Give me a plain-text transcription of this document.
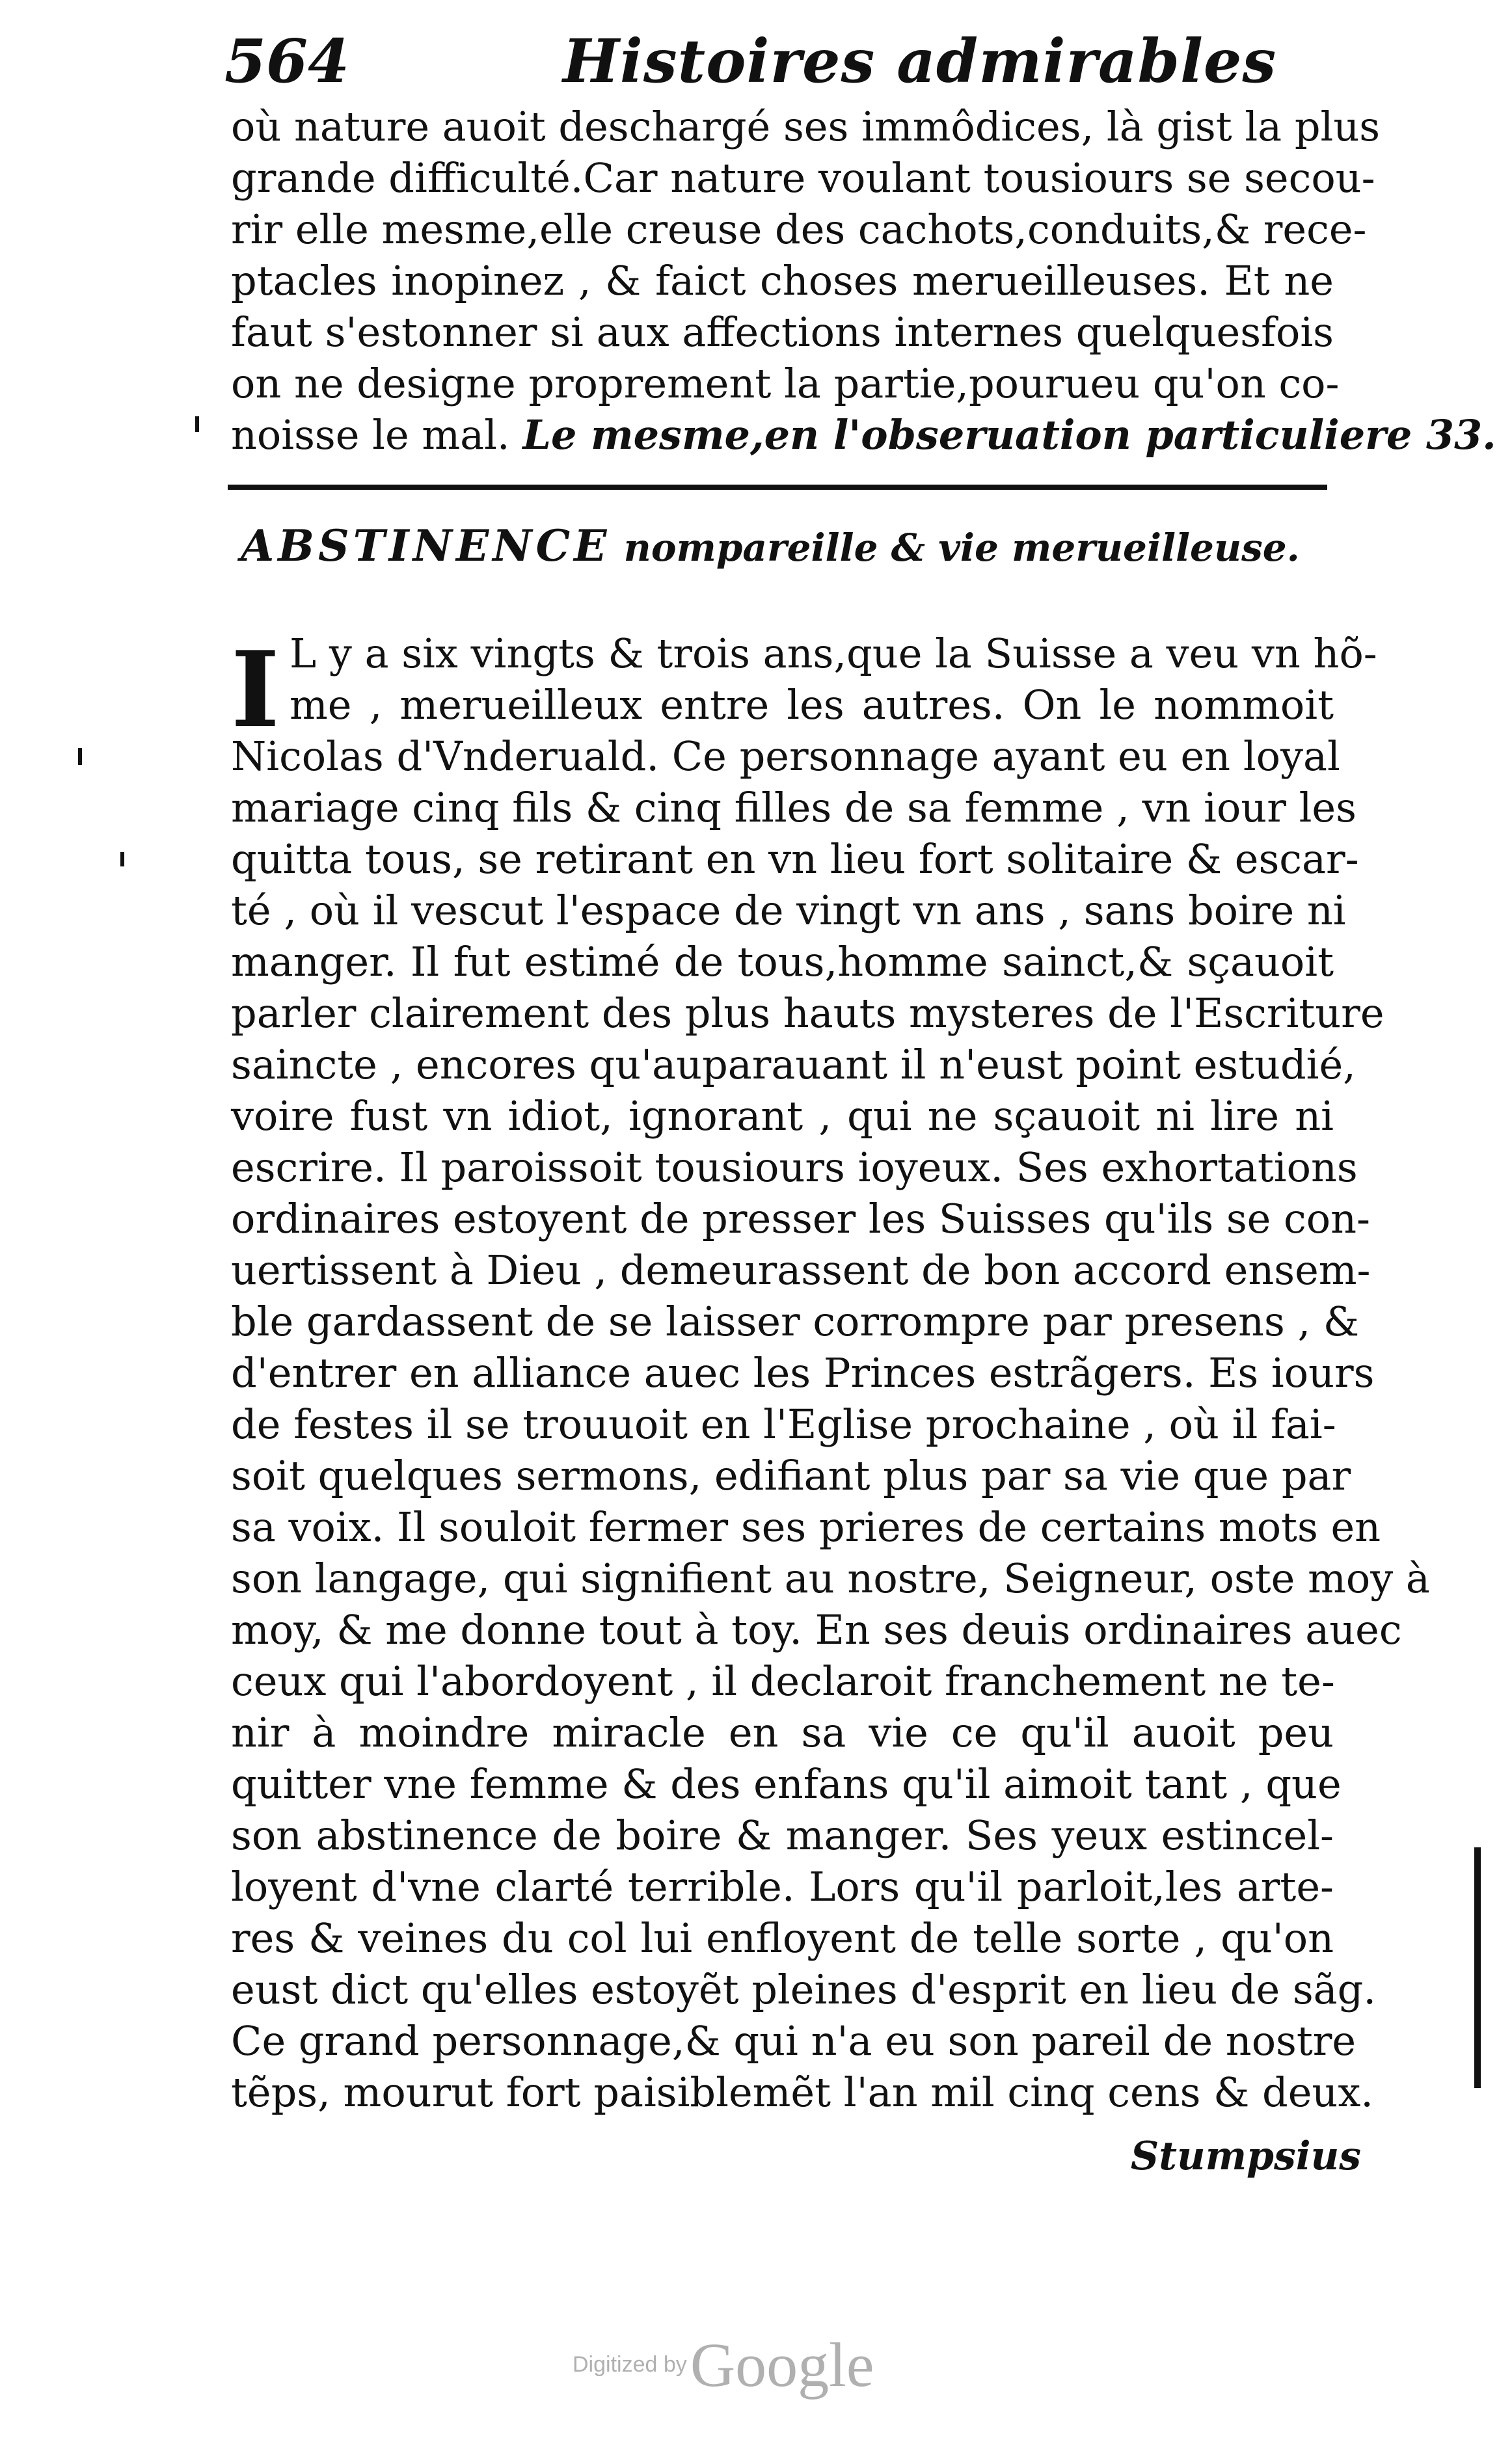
564	Histoires admirables
où nature auoit deschargé ses immôdices, là gist la plus
grande difficulté.Car nature voulant tousiours se secou-
rir elle mesme,elle creuse des cachots,conduits,& rece-
ptacles inopinez , & faict choses merueilleuses. Et ne
faut s'estonner si aux affections internes quelquesfois
on ne designe proprement la partie,pourueu qu'on co-
noisse le mal. Le mesme,en l'obseruation particuliere 33.
ABSTINENCE nompareille & vie merueilleuse.
I L y a six vingts & trois ans,que la Suisse a veu vn hõ-
me , merueilleux entre les autres. On le nommoit
Nicolas d'Vnderuald. Ce personnage ayant eu en loyal
mariage cinq fils & cinq filles de sa femme , vn iour les
quitta tous, se retirant en vn lieu fort solitaire & escar-
té , où il vescut l'espace de vingt vn ans , sans boire ni
manger. Il fut estimé de tous,homme sainct,& sçauoit
parler clairement des plus hauts mysteres de l'Escriture
saincte , encores qu'auparauant il n'eust point estudié,
voire fust vn idiot, ignorant , qui ne sçauoit ni lire ni
escrire. Il paroissoit tousiours ioyeux. Ses exhortations
ordinaires estoyent de presser les Suisses qu'ils se con-
uertissent à Dieu , demeurassent de bon accord ensem-
ble gardassent de se laisser corrompre par presens , &
d'entrer en alliance auec les Princes estrãgers. Es iours
de festes il se trouuoit en l'Eglise prochaine , où il fai-
soit quelques sermons, edifiant plus par sa vie que par
sa voix. Il souloit fermer ses prieres de certains mots en
son langage, qui signifient au nostre, Seigneur, oste moy à
moy, & me donne tout à toy. En ses deuis ordinaires auec
ceux qui l'abordoyent , il declaroit franchement ne te-
nir à moindre miracle en sa vie ce qu'il auoit peu
quitter vne femme & des enfans qu'il aimoit tant , que
son abstinence de boire & manger. Ses yeux estincel-
loyent d'vne clarté terrible. Lors qu'il parloit,les arte-
res & veines du col lui enfloyent de telle sorte , qu'on
eust dict qu'elles estoyẽt pleines d'esprit en lieu de sãg.
Ce grand personnage,& qui n'a eu son pareil de nostre
tẽps, mourut fort paisiblemẽt l'an mil cinq cens & deux.
Stumpsius
Digitized by Google
